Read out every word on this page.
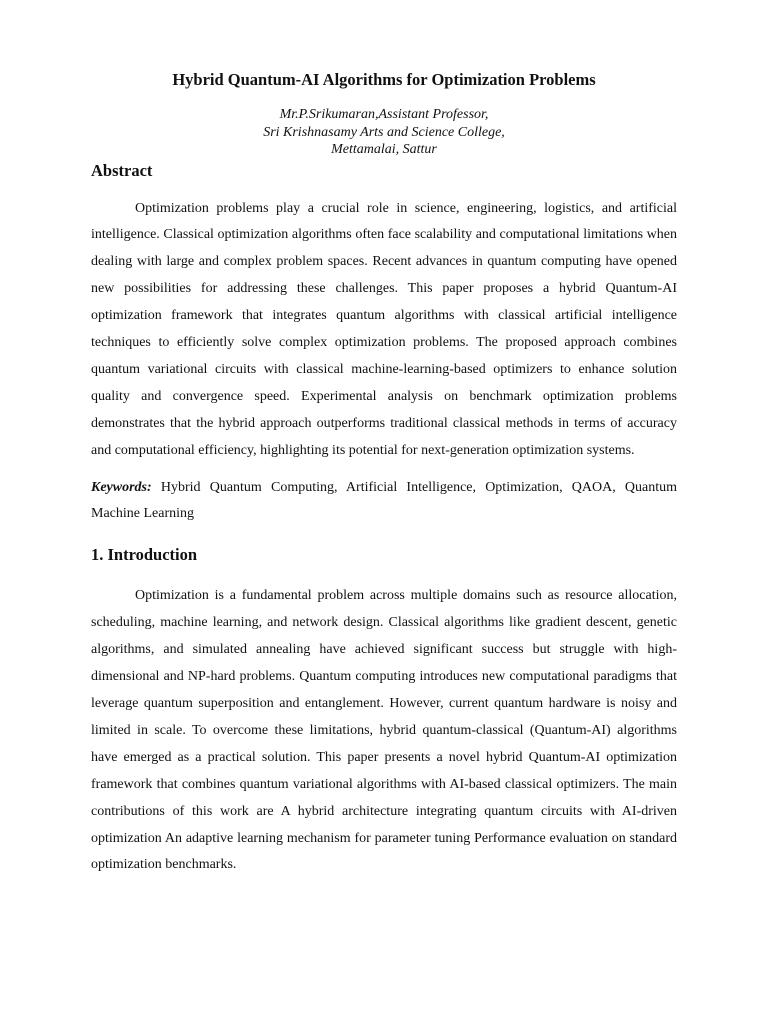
Hybrid Quantum-AI Algorithms for Optimization Problems
Mr.P.Srikumaran,Assistant Professor,
Sri Krishnasamy Arts and Science College,
Mettamalai, Sattur
Abstract

Optimization problems play a crucial role in science, engineering, logistics, and artificial intelligence. Classical optimization algorithms often face scalability and computational limitations when dealing with large and complex problem spaces. Recent advances in quantum computing have opened new possibilities for addressing these challenges. This paper proposes a hybrid Quantum-AI optimization framework that integrates quantum algorithms with classical artificial intelligence techniques to efficiently solve complex optimization problems. The proposed approach combines quantum variational circuits with classical machine-learning-based optimizers to enhance solution quality and convergence speed. Experimental analysis on benchmark optimization problems demonstrates that the hybrid approach outperforms traditional classical methods in terms of accuracy and computational efficiency, highlighting its potential for next-generation optimization systems.

Keywords: Hybrid Quantum Computing, Artificial Intelligence, Optimization, QAOA, Quantum Machine Learning

1. Introduction

Optimization is a fundamental problem across multiple domains such as resource allocation, scheduling, machine learning, and network design. Classical algorithms like gradient descent, genetic algorithms, and simulated annealing have achieved significant success but struggle with high-dimensional and NP-hard problems. Quantum computing introduces new computational paradigms that leverage quantum superposition and entanglement. However, current quantum hardware is noisy and limited in scale. To overcome these limitations, hybrid quantum-classical (Quantum-AI) algorithms have emerged as a practical solution. This paper presents a novel hybrid Quantum-AI optimization framework that combines quantum variational algorithms with AI-based classical optimizers. The main contributions of this work are A hybrid architecture integrating quantum circuits with AI-driven optimization An adaptive learning mechanism for parameter tuning Performance evaluation on standard optimization benchmarks.
